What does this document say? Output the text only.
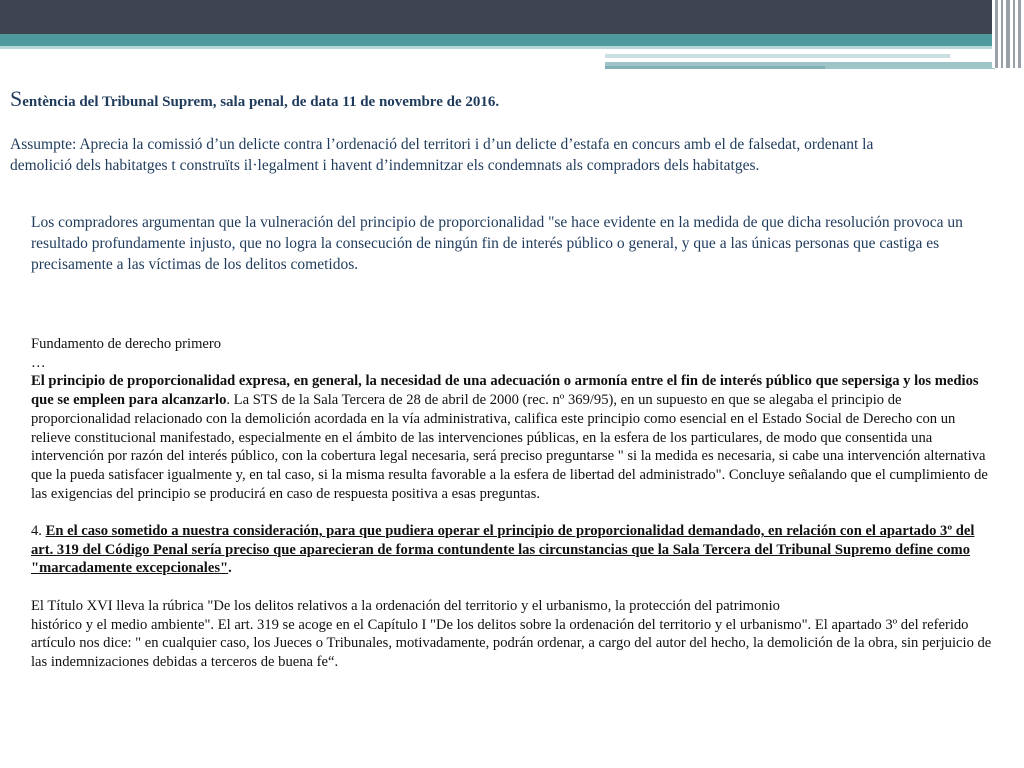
Sentència del Tribunal Suprem, sala penal, de data 11 de novembre de 2016.

Assumpte: Aprecia la comissió d’un delicte contra l’ordenació del territori i d’un delicte d’estafa en concurs amb el de falsedat, ordenant la demolició dels habitatges t construïts il·legalment i havent d’indemnitzar els condemnats als compradors dels habitatges.

Los compradores argumentan que la vulneración del principio de proporcionalidad "se hace evidente en la medida de que dicha resolución provoca un resultado profundamente injusto, que no logra la consecución de ningún fin de interés público o general, y que a las únicas personas que castiga es precisamente a las víctimas de los delitos cometidos.

Fundamento de derecho primero

…

El principio de proporcionalidad expresa, en general, la necesidad de una adecuación o armonía entre el fin de interés público que sepersiga y los medios que se empleen para alcanzarlo. La STS de la Sala Tercera de 28 de abril de 2000 (rec. nº 369/95), en un supuesto en que se alegaba el principio de proporcionalidad relacionado con la demolición acordada en la vía administrativa, califica este principio como esencial en el Estado Social de Derecho con un relieve constitucional manifestado, especialmente en el ámbito de las intervenciones públicas, en la esfera de los particulares, de modo que consentida una intervención por razón del interés público, con la cobertura legal necesaria, será preciso preguntarse " si la medida es necesaria, si cabe una intervención alternativa que la pueda satisfacer igualmente y, en tal caso, si la misma resulta favorable a la esfera de libertad del administrado". Concluye señalando que el cumplimiento de las exigencias del principio se producirá en caso de respuesta positiva a esas preguntas.

4. En el caso sometido a nuestra consideración, para que pudiera operar el principio de proporcionalidad demandado, en relación con el apartado 3º del art. 319 del Código Penal sería preciso que aparecieran de forma contundente las circunstancias que la Sala Tercera del Tribunal Supremo define como "marcadamente excepcionales".

El Título XVI lleva la rúbrica "De los delitos relativos a la ordenación del territorio y el urbanismo, la protección del patrimonio

histórico y el medio ambiente". El art. 319 se acoge en el Capítulo I "De los delitos sobre la ordenación del territorio y el urbanismo". El apartado 3º del referido artículo nos dice: " en cualquier caso, los Jueces o Tribunales, motivadamente, podrán ordenar, a cargo del autor del hecho, la demolición de la obra, sin perjuicio de las indemnizaciones debidas a terceros de buena fe“.
